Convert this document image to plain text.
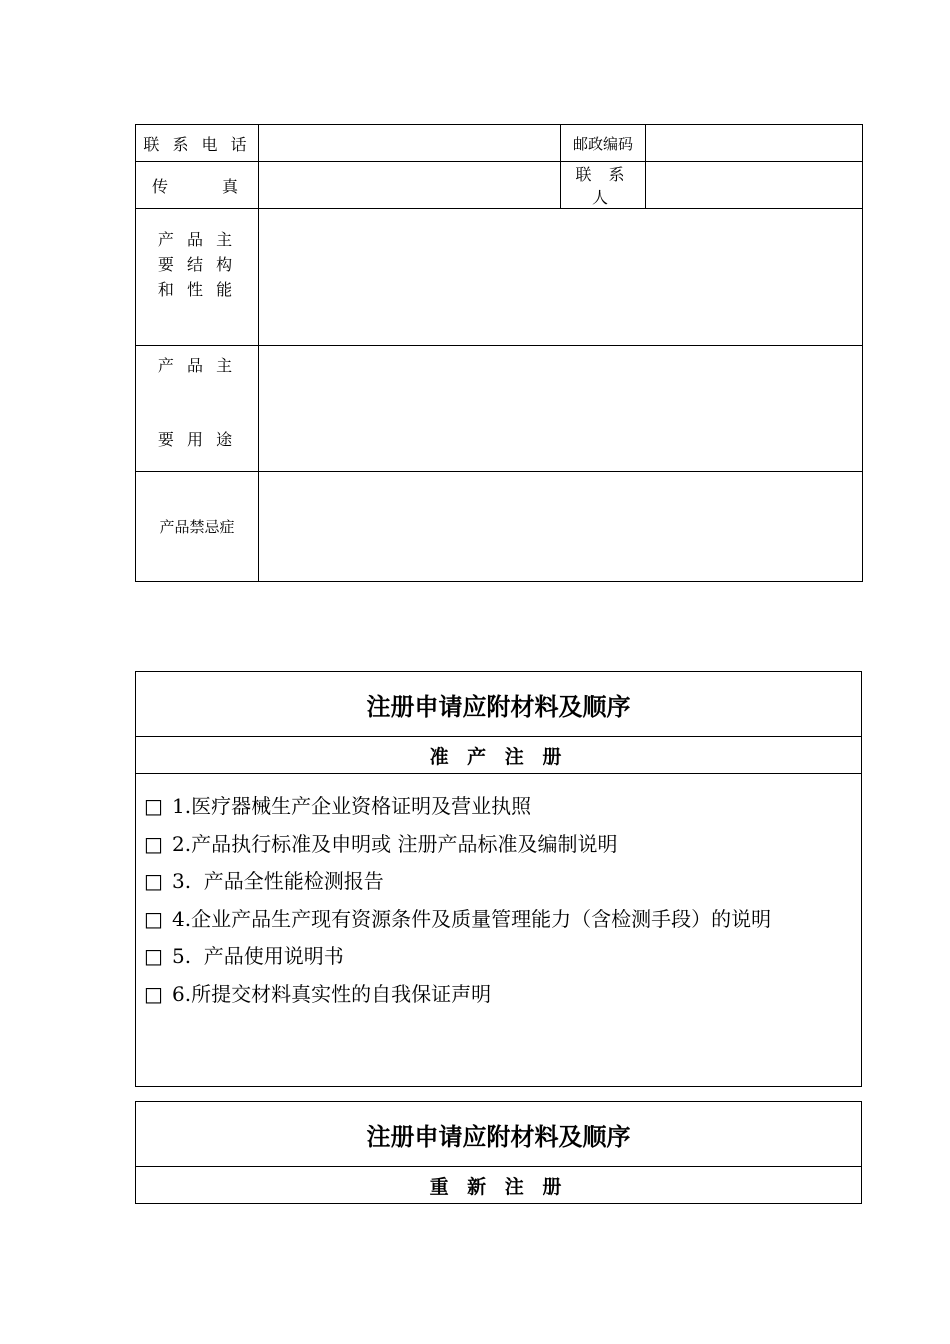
联 系 电 话		邮政编码	

传 真		联 系 人	

产 品 主
要 结 构
和 性 能			

产 品 主
要 用 途			

产品禁忌症			
注册申请应附材料及顺序
准 产 注 册

□ 1.医疗器械生产企业资格证明及营业执照
□ 2.产品执行标准及申明或 注册产品标准及编制说明
□ 3.  产品全性能检测报告
□ 4.企业产品生产现有资源条件及质量管理能力（含检测手段）的说明
□ 5.  产品使用说明书
□ 6.所提交材料真实性的自我保证声明
注册申请应附材料及顺序
重 新 注 册
